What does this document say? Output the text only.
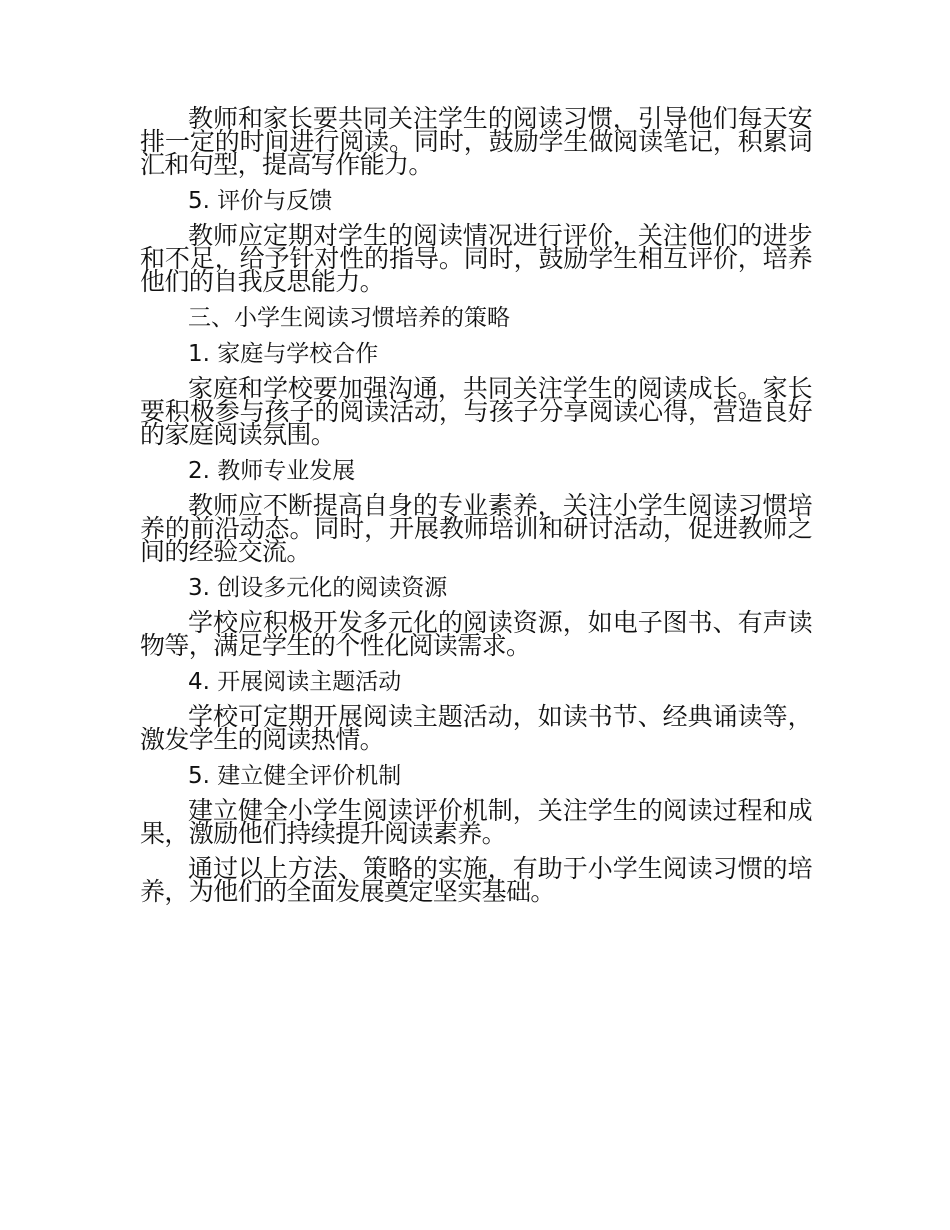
教师和家长要共同关注学生的阅读习惯，引导他们每天安排一定的时间进行阅读。同时，鼓励学生做阅读笔记，积累词汇和句型，提高写作能力。

5. 评价与反馈

教师应定期对学生的阅读情况进行评价，关注他们的进步和不足，给予针对性的指导。同时，鼓励学生相互评价，培养他们的自我反思能力。

三、小学生阅读习惯培养的策略

1. 家庭与学校合作

家庭和学校要加强沟通，共同关注学生的阅读成长。家长要积极参与孩子的阅读活动，与孩子分享阅读心得，营造良好的家庭阅读氛围。

2. 教师专业发展

教师应不断提高自身的专业素养，关注小学生阅读习惯培养的前沿动态。同时，开展教师培训和研讨活动，促进教师之间的经验交流。

3. 创设多元化的阅读资源

学校应积极开发多元化的阅读资源，如电子图书、有声读物等，满足学生的个性化阅读需求。

4. 开展阅读主题活动

学校可定期开展阅读主题活动，如读书节、经典诵读等，激发学生的阅读热情。

5. 建立健全评价机制

建立健全小学生阅读评价机制，关注学生的阅读过程和成果，激励他们持续提升阅读素养。

通过以上方法、策略的实施，有助于小学生阅读习惯的培养，为他们的全面发展奠定坚实基础。
